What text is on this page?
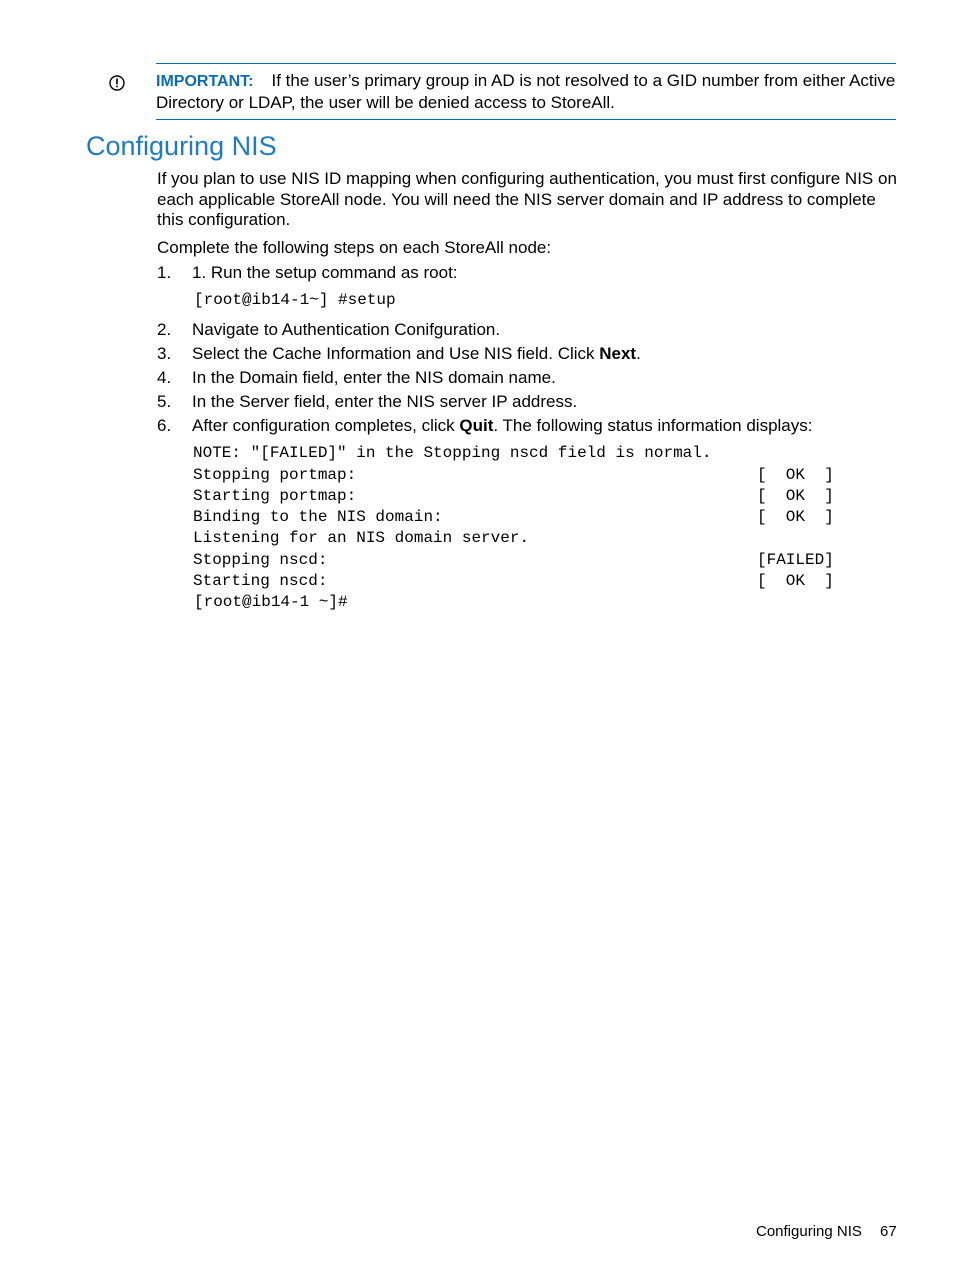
IMPORTANT: If the user’s primary group in AD is not resolved to a GID number from either Active Directory or LDAP, the user will be denied access to StoreAll.
Configuring NIS

If you plan to use NIS ID mapping when configuring authentication, you must first configure NIS on each applicable StoreAll node. You will need the NIS server domain and IP address to complete this configuration.

Complete the following steps on each StoreAll node:

1.	1. Run the setup command as root:
[root@ib14-1~] #setup
2.	Navigate to Authentication Conifguration.
3.	Select the Cache Information and Use NIS field. Click Next.
4.	In the Domain field, enter the NIS domain name.
5.	In the Server field, enter the NIS server IP address.
6.	After configuration completes, click Quit. The following status information displays:
NOTE: "[FAILED]" in the Stopping nscd field is normal.
Stopping portmap:	[  OK  ]
Starting portmap:	[  OK  ]
Binding to the NIS domain:	[  OK  ]
Listening for an NIS domain server.
Stopping nscd:	[FAILED]
Starting nscd:	[  OK  ]
[root@ib14-1 ~]#
Configuring NIS 67
